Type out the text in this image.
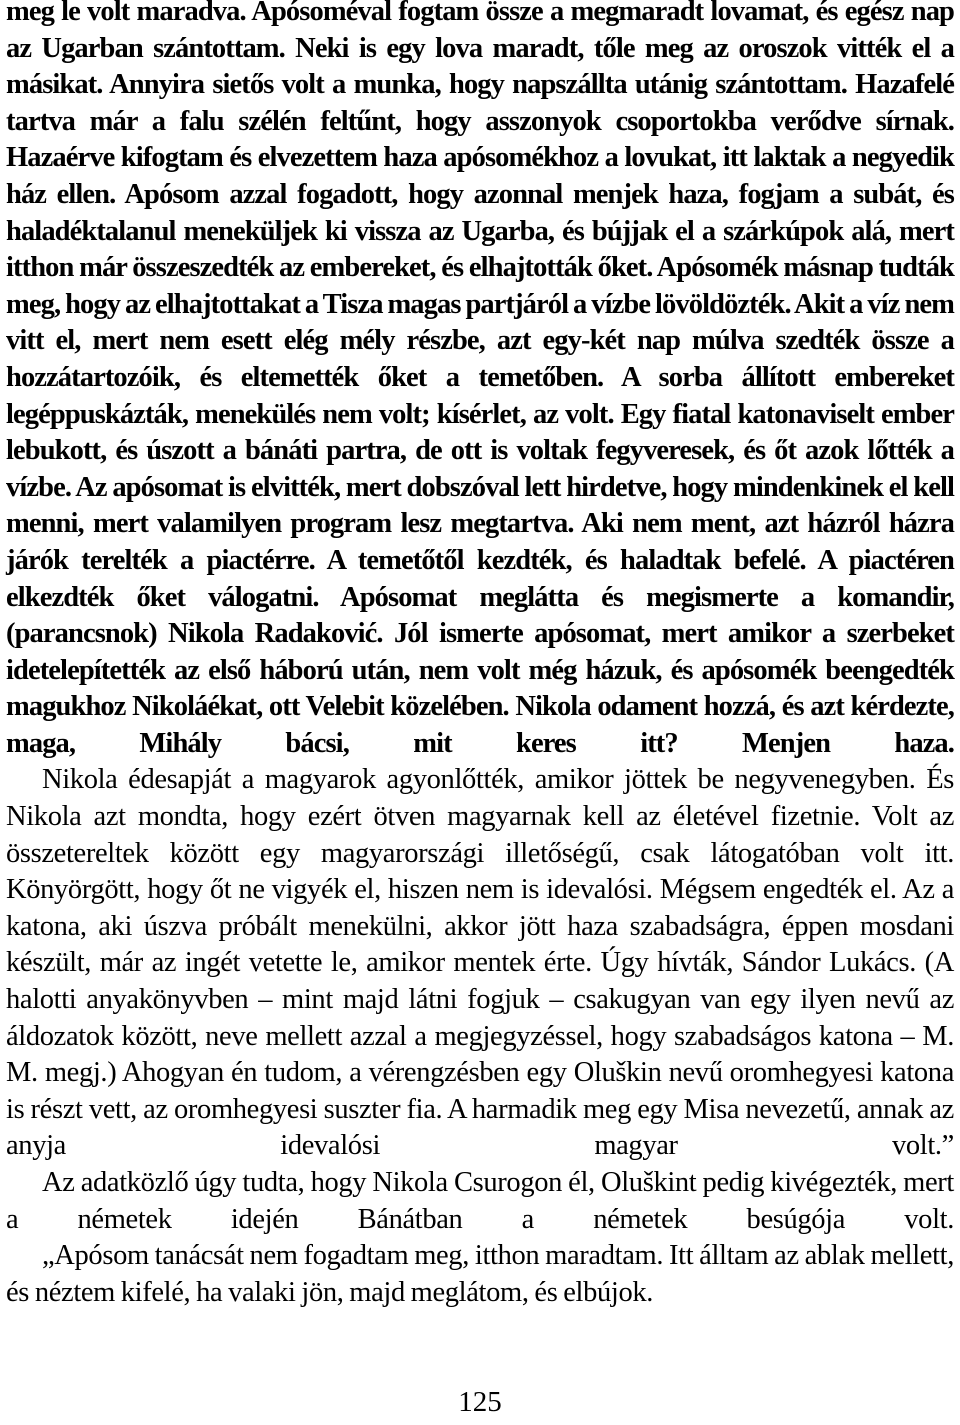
meg le volt maradva. Apósoméval fogtam össze a megmaradt lovamat, és egész nap az Ugarban szántottam. Neki is egy lova maradt, tőle meg az oroszok vitték el a másikat. Annyira sietős volt a munka, hogy napszállta utánig szántottam. Hazafelé tartva már a falu szélén feltűnt, hogy asszonyok csoportokba verődve sírnak. Hazaérve kifogtam és elvezettem haza apósomékhoz a lovukat, itt laktak a negyedik ház ellen. Apósom azzal fogadott, hogy azonnal menjek haza, fogjam a subát, és haladéktalanul meneküljek ki vissza az Ugarba, és bújjak el a szárkúpok alá, mert itthon már összeszedték az embereket, és elhajtották őket. Apósomék másnap tudták meg, hogy az elhajtottakat a Tisza magas partjáról a vízbe lövöldözték. Akit a víz nem vitt el, mert nem esett elég mély részbe, azt egy-két nap múlva szedték össze a hozzátartozóik, és eltemették őket a temetőben. A sorba állított embereket legéppuskázták, menekülés nem volt; kísérlet, az volt. Egy fiatal katonaviselt ember lebukott, és úszott a bánáti partra, de ott is voltak fegyveresek, és őt azok lőtték a vízbe. Az apósomat is elvitték, mert dobszóval lett hirdetve, hogy mindenkinek el kell menni, mert valamilyen program lesz megtartva. Aki nem ment, azt házról házra járók terelték a piactérre. A temetőtől kezdték, és haladtak befelé. A piactéren elkezdték őket válogatni. Apósomat meglátta és megismerte a komandir, (parancsnok) Nikola Radaković. Jól ismerte apósomat, mert amikor a szerbeket idetelepítették az első háború után, nem volt még házuk, és apósomék beengedték magukhoz Nikoláékat, ott Velebit közelében. Nikola odament hozzá, és azt kérdezte, maga, Mihály bácsi, mit keres itt? Menjen haza.

Nikola édesapját a magyarok agyonlőtték, amikor jöttek be negyvenegyben. És Nikola azt mondta, hogy ezért ötven magyarnak kell az életével fizetnie. Volt az összetereltek között egy magyarországi illetőségű, csak látogatóban volt itt. Könyörgött, hogy őt ne vigyék el, hiszen nem is idevalósi. Mégsem engedték el. Az a katona, aki úszva próbált menekülni, akkor jött haza szabadságra, éppen mosdani készült, már az ingét vetette le, amikor mentek érte. Úgy hívták, Sándor Lukács. (A halotti anyakönyvben – mint majd látni fogjuk – csakugyan van egy ilyen nevű az áldozatok között, neve mellett azzal a megjegyzéssel, hogy szabadságos katona – M. M. megj.) Ahogyan én tudom, a vérengzésben egy Oluškin nevű oromhegyesi katona is részt vett, az oromhegyesi suszter fia. A harmadik meg egy Misa nevezetű, annak az anyja idevalósi magyar volt.”

Az adatközlő úgy tudta, hogy Nikola Csurogon él, Oluškint pedig kivégezték, mert a németek idején Bánátban a németek besúgója volt.

„Apósom tanácsát nem fogadtam meg, itthon maradtam. Itt álltam az ablak mellett, és néztem kifelé, ha valaki jön, majd meglátom, és elbújok.

125
